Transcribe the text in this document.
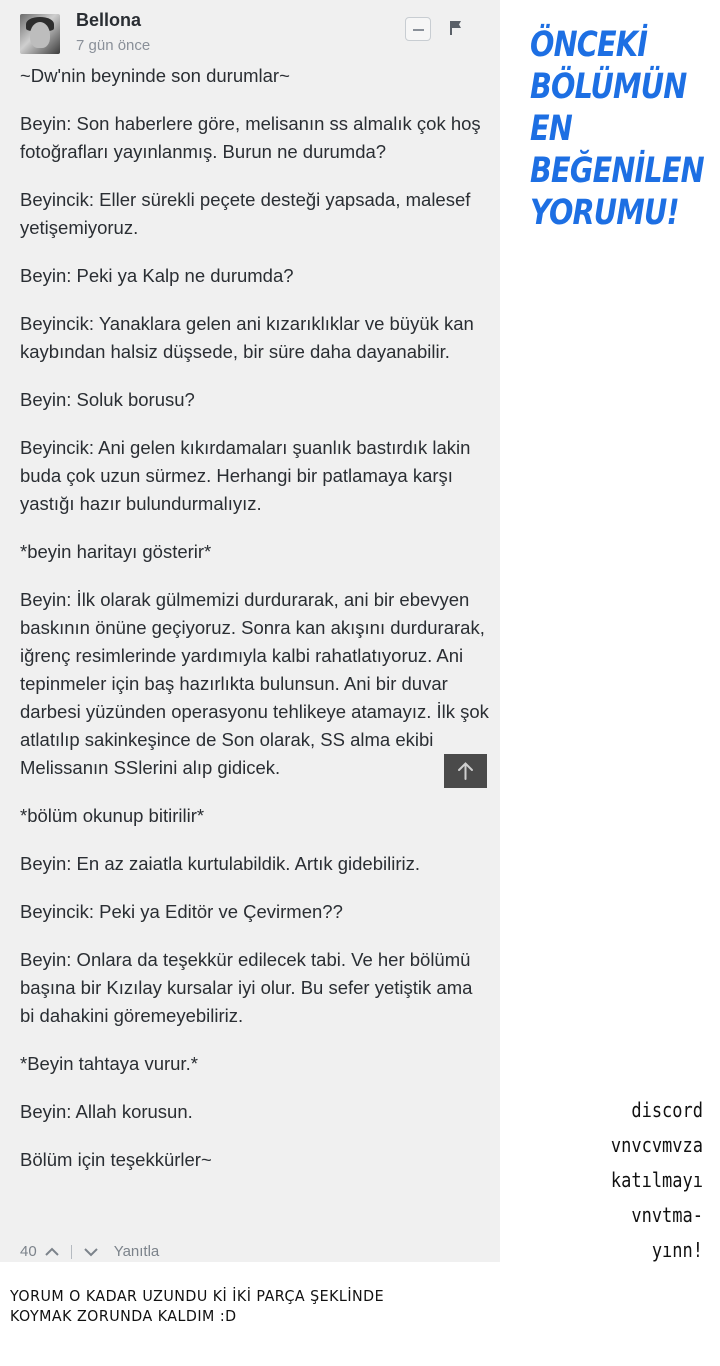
Bellona
7 gün önce

~Dw'nin beyninde son durumlar~

Beyin: Son haberlere göre, melisanın ss almalık çok hoş fotoğrafları yayınlanmış. Burun ne durumda?

Beyincik: Eller sürekli peçete desteği yapsada, malesef yetişemiyoruz.

Beyin: Peki ya Kalp ne durumda?

Beyincik: Yanaklara gelen ani kızarıklıklar ve büyük kan kaybından halsiz düşsede, bir süre daha dayanabilir.

Beyin: Soluk borusu?

Beyincik: Ani gelen kıkırdamaları şuanlık bastırdık lakin buda çok uzun sürmez. Herhangi bir patlamaya karşı yastığı hazır bulundurmalıyız.

*beyin haritayı gösterir*

Beyin: İlk olarak gülmemizi durdurarak, ani bir ebevyen baskının önüne geçiyoruz. Sonra kan akışını durdurarak, iğrenç resimlerinde yardımıyla kalbi rahatlatıyoruz. Ani tepinmeler için baş hazırlıkta bulunsun. Ani bir duvar darbesi yüzünden operasyonu tehlikeye atamayız. İlk şok atlatılıp sakinkeşince de Son olarak, SS alma ekibi Melissanın SSlerini alıp gidicek.

*bölüm okunup bitirilir*

Beyin: En az zaiatla kurtulabildik. Artık gidebiliriz.

Beyincik: Peki ya Editör ve Çevirmen??

Beyin: Onlara da teşekkür edilecek tabi. Ve her bölümü başına bir Kızılay kursalar iyi olur. Bu sefer yetiştik ama bi dahakini göremeyebiliriz.

*Beyin tahtaya vurur.*

Beyin: Allah korusun.

Bölüm için teşekkürler~

40	Yanıtla
ÖNCEKİ
BÖLÜMÜN EN
BEĞENİLEN
YORUMU!
discord
vnvcvmvza
katılmayı
vnvtma-
yınn!
YORUM O KADAR UZUNDU Kİ İKİ PARÇA ŞEKLİNDE
KOYMAK ZORUNDA KALDIM :D
